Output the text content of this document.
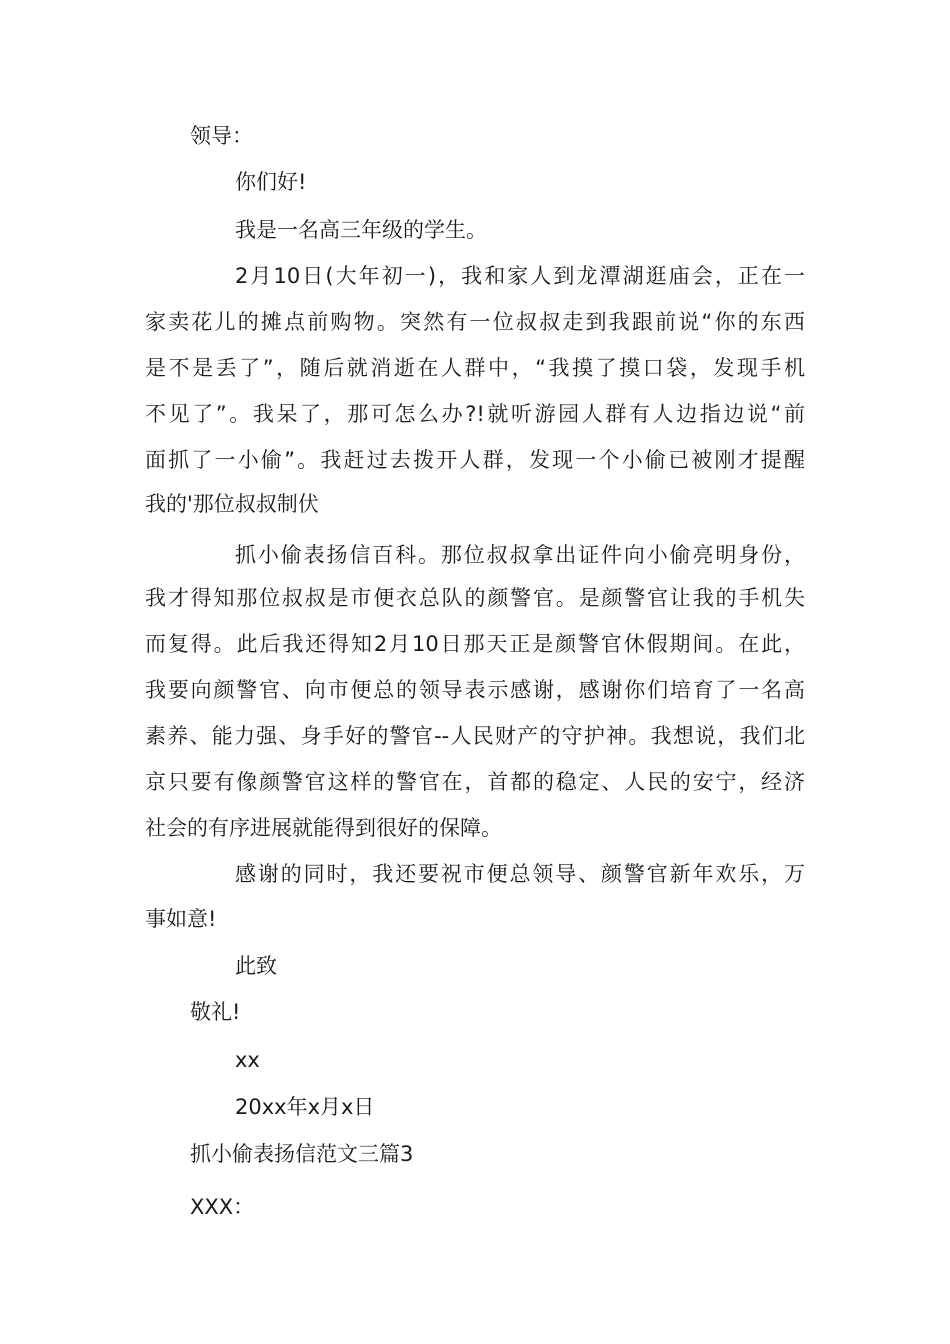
领导：
你们好!
我是一名高三年级的学生。
2月10日(大年初一)，我和家人到龙潭湖逛庙会，正在一
家卖花儿的摊点前购物。突然有一位叔叔走到我跟前说“你的东西
是不是丢了”，随后就消逝在人群中，“我摸了摸口袋，发现手机
不见了”。我呆了，那可怎么办?!就听游园人群有人边指边说“前
面抓了一小偷”。我赶过去拨开人群，发现一个小偷已被刚才提醒
我的'那位叔叔制伏
抓小偷表扬信百科。那位叔叔拿出证件向小偷亮明身份，
我才得知那位叔叔是市便衣总队的颜警官。是颜警官让我的手机失
而复得。此后我还得知2月10日那天正是颜警官休假期间。在此，
我要向颜警官、向市便总的领导表示感谢，感谢你们培育了一名高
素养、能力强、身手好的警官--人民财产的守护神。我想说，我们北
京只要有像颜警官这样的警官在，首都的稳定、人民的安宁，经济
社会的有序进展就能得到很好的保障。
感谢的同时，我还要祝市便总领导、颜警官新年欢乐，万
事如意!
此致
敬礼!
xx
20xx年x月x日
抓小偷表扬信范文三篇3
XXX：
